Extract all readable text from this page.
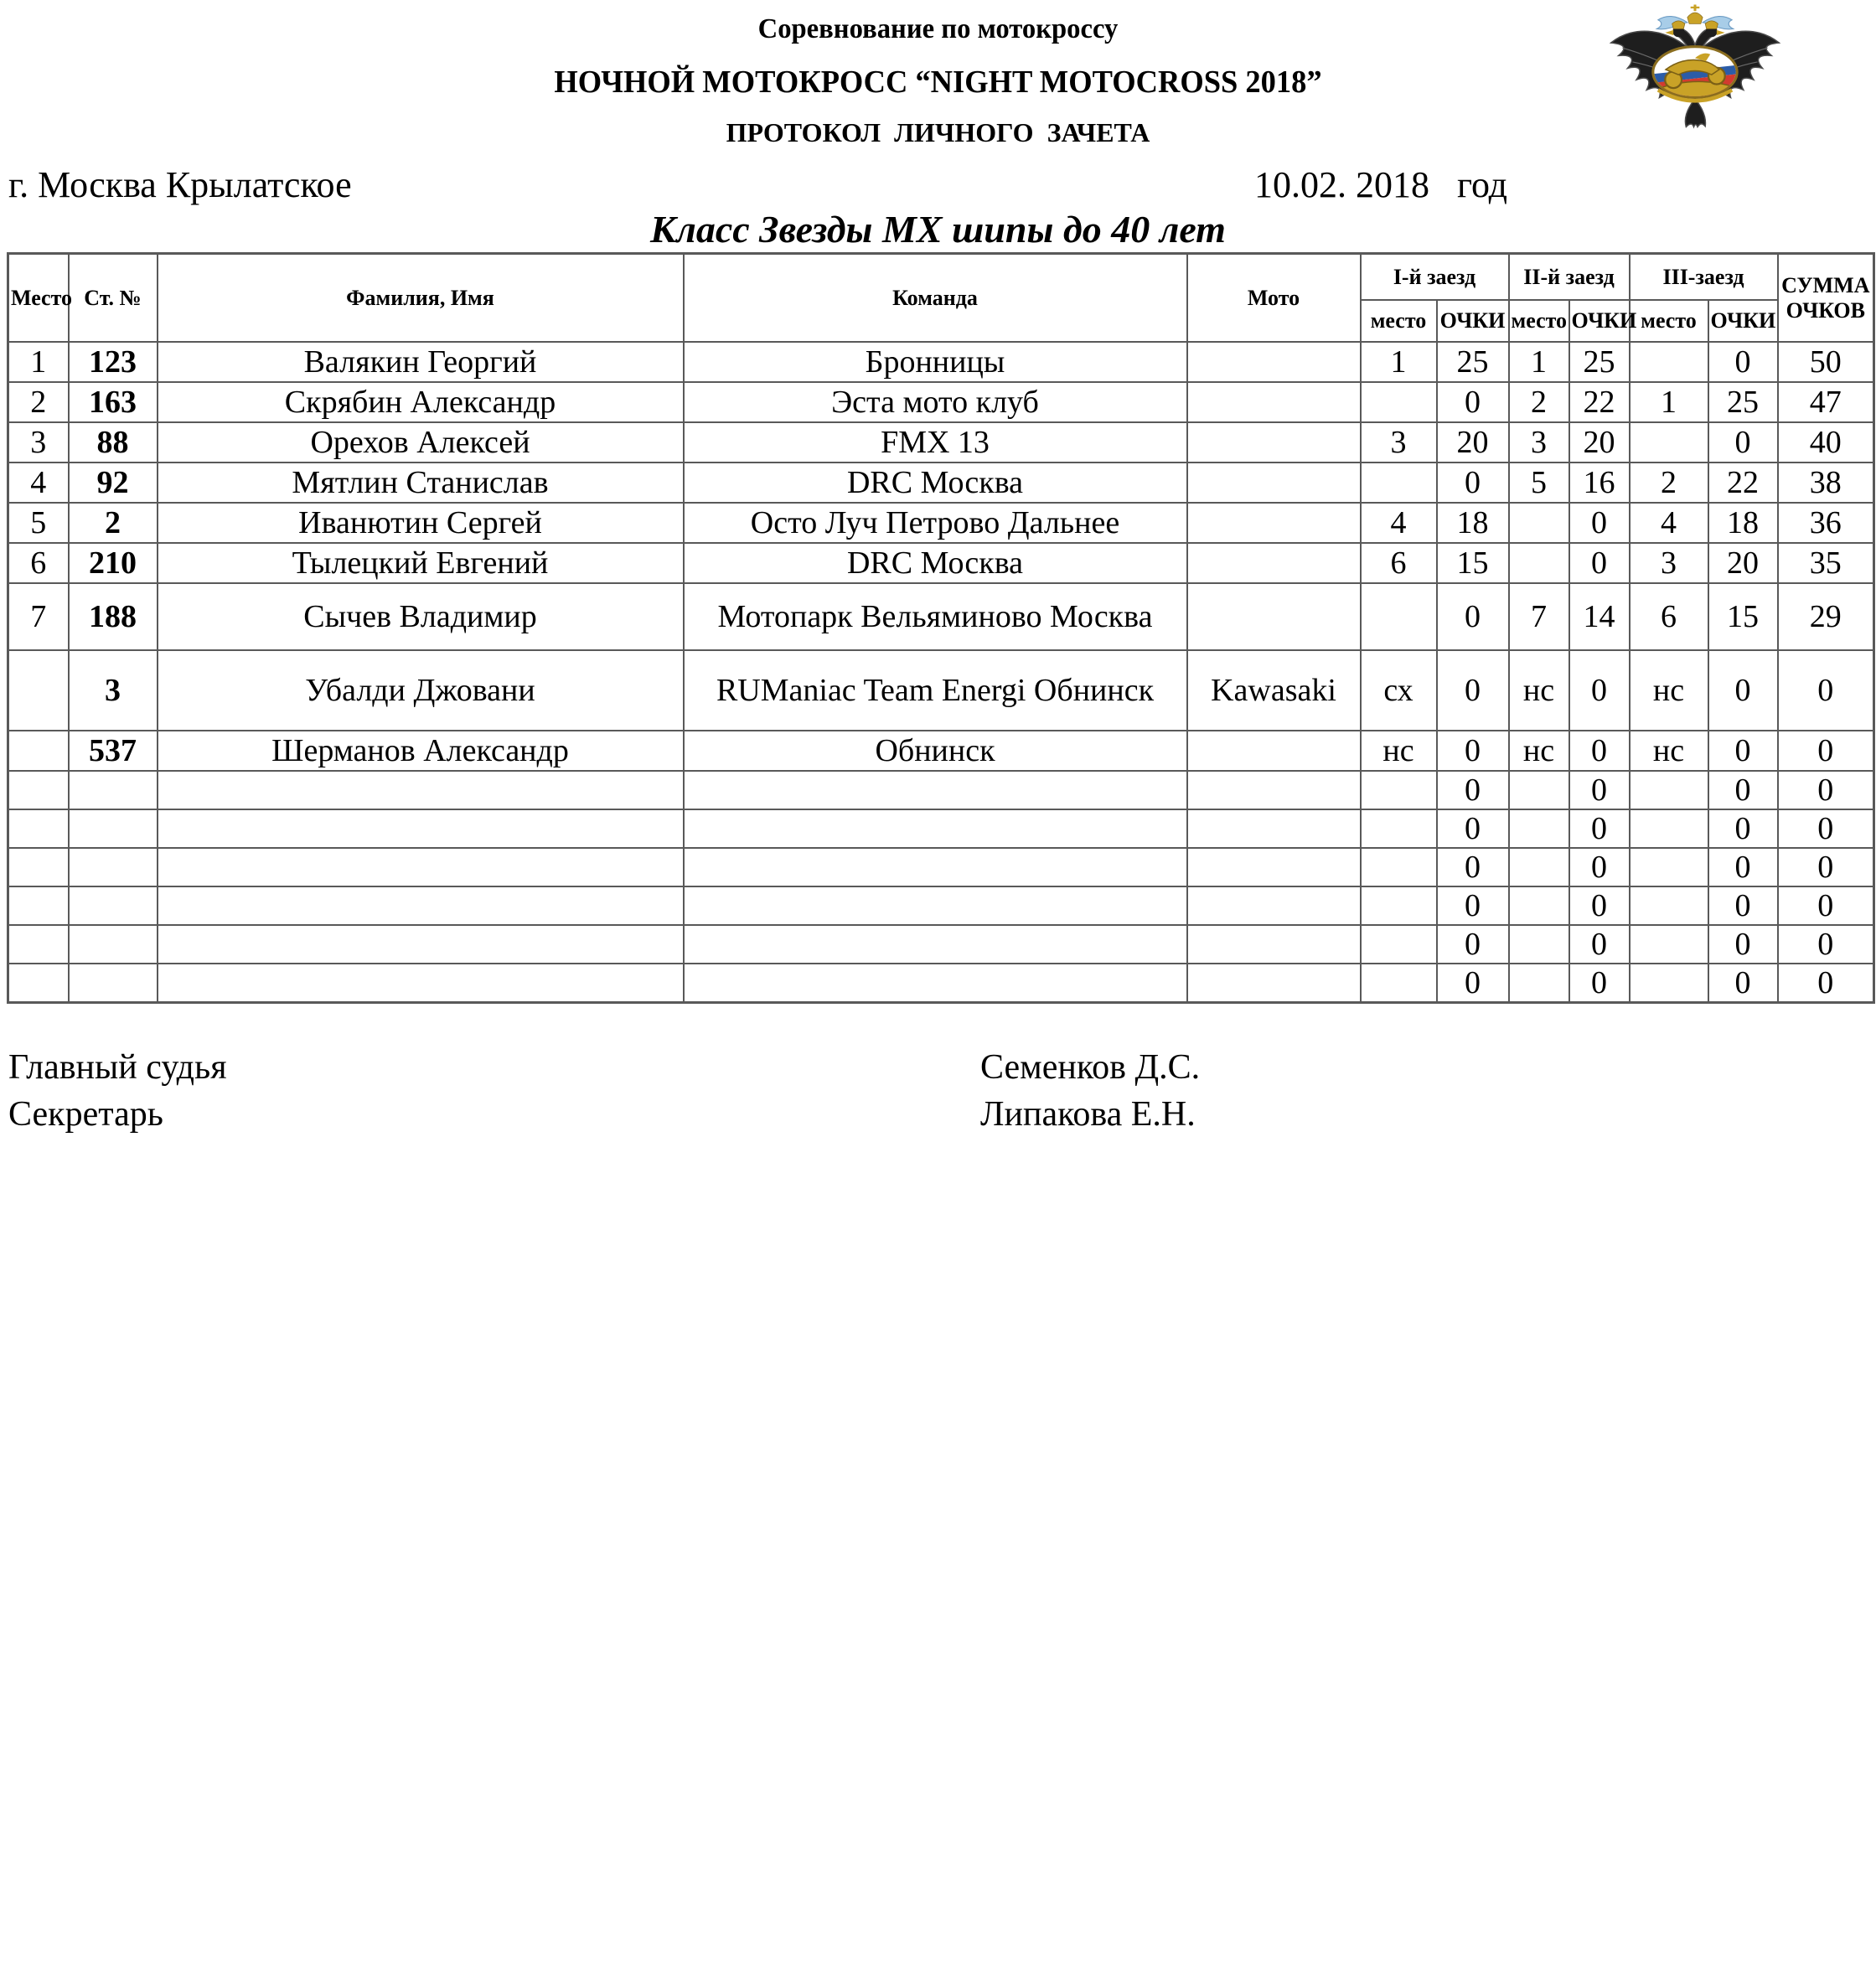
Соревнование по мотокроссу
НОЧНОЙ МОТОКРОСС “NIGHT MOTOCROSS 2018”
ПРОТОКОЛ  ЛИЧНОГО  ЗАЧЕТА
г. Москва Крылатское	10.02. 2018   год
Класс Звезды МХ шипы до 40 лет
Место	Ст. №	Фамилия, Имя	Команда	Мото	I-й заезд		II-й заезд		III-заезд		СУММА ОЧКОВ
					место	ОЧКИ	место	ОЧКИ	место	ОЧКИ	
1	123	Валякин Георгий	Бронницы		1	25	1	25		0	50
2	163	Скрябин Александр	Эста мото клуб			0	2	22	1	25	47
3	88	Орехов Алексей	FMX 13		3	20	3	20		0	40
4	92	Мятлин Станислав	DRC Москва			0	5	16	2	22	38
5	2	Иванютин Сергей	Осто Луч Петрово Дальнее		4	18		0	4	18	36
6	210	Тылецкий Евгений	DRC Москва		6	15		0	3	20	35
7	188	Сычев Владимир	Мотопарк Вельяминово Москва			0	7	14	6	15	29
	3	Убалди Джовани	RUManiac Team Energi Обнинск	Kawasaki	сх	0	нс	0	нс	0	0
	537	Шерманов Александр	Обнинск		нс	0	нс	0	нс	0	0
						0		0		0	0
						0		0		0	0
						0		0		0	0
						0		0		0	0
						0		0		0	0
						0		0		0	0
Главный судья	Семенков Д.С.
Секретарь	Липакова Е.Н.
